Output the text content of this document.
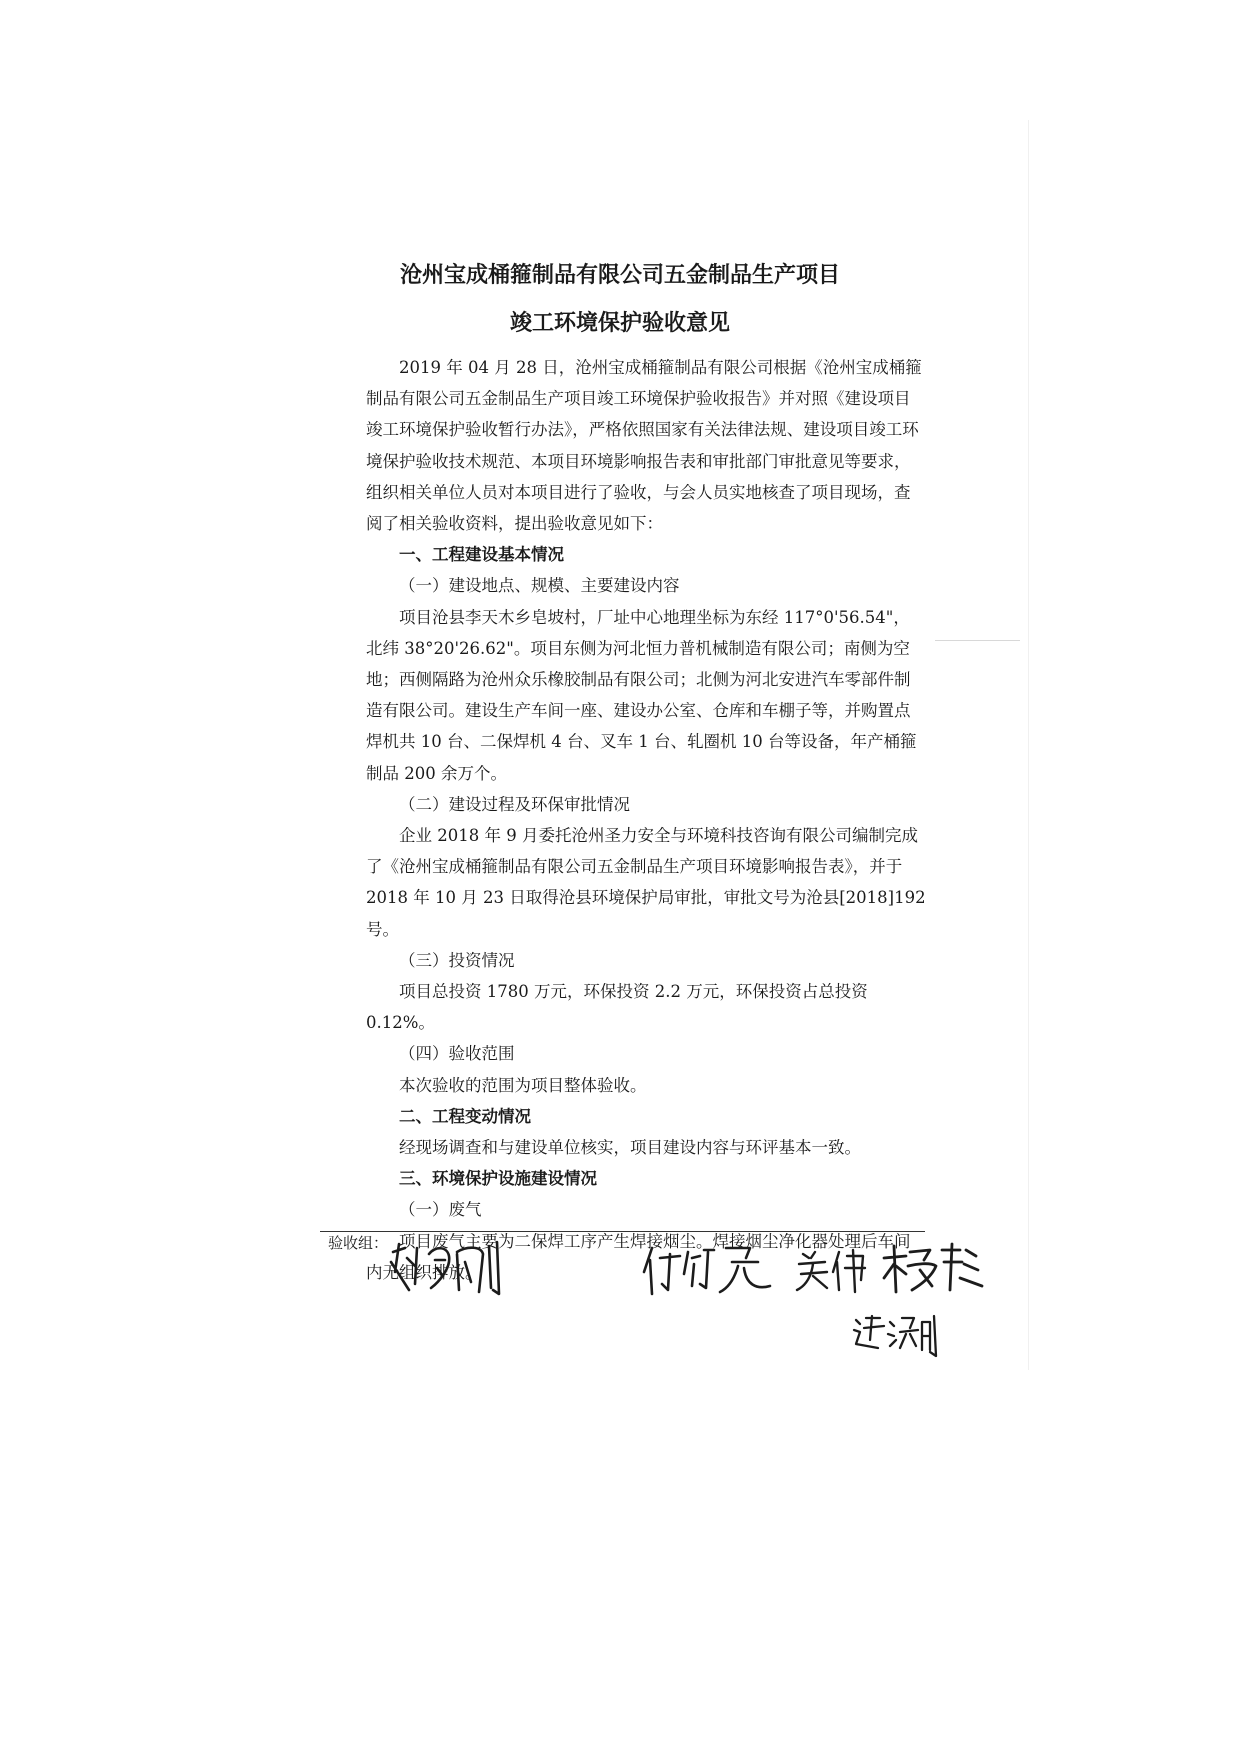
沧州宝成桶箍制品有限公司五金制品生产项目
竣工环境保护验收意见

2019 年 04 月 28 日，沧州宝成桶箍制品有限公司根据《沧州宝成桶箍制品有限公司五金制品生产项目竣工环境保护验收报告》并对照《建设项目竣工环境保护验收暂行办法》，严格依照国家有关法律法规、建设项目竣工环境保护验收技术规范、本项目环境影响报告表和审批部门审批意见等要求，组织相关单位人员对本项目进行了验收，与会人员实地核查了项目现场，查阅了相关验收资料，提出验收意见如下：

一、工程建设基本情况

（一）建设地点、规模、主要建设内容

项目沧县李天木乡皂坡村，厂址中心地理坐标为东经 117°0'56.54"，北纬 38°20'26.62"。项目东侧为河北恒力普机械制造有限公司；南侧为空地；西侧隔路为沧州众乐橡胶制品有限公司；北侧为河北安进汽车零部件制造有限公司。建设生产车间一座、建设办公室、仓库和车棚子等，并购置点焊机共 10 台、二保焊机 4 台、叉车 1 台、轧圈机 10 台等设备，年产桶箍制品 200 余万个。

（二）建设过程及环保审批情况

企业 2018 年 9 月委托沧州圣力安全与环境科技咨询有限公司编制完成了《沧州宝成桶箍制品有限公司五金制品生产项目环境影响报告表》，并于 2018 年 10 月 23 日取得沧县环境保护局审批，审批文号为沧县[2018]192 号。

（三）投资情况

项目总投资 1780 万元，环保投资 2.2 万元，环保投资占总投资 0.12%。

（四）验收范围

本次验收的范围为项目整体验收。

二、工程变动情况

经现场调查和与建设单位核实，项目建设内容与环评基本一致。

三、环境保护设施建设情况

（一）废气

项目废气主要为二保焊工序产生焊接烟尘。焊接烟尘净化器处理后车间内无组织排放。

验收组：
